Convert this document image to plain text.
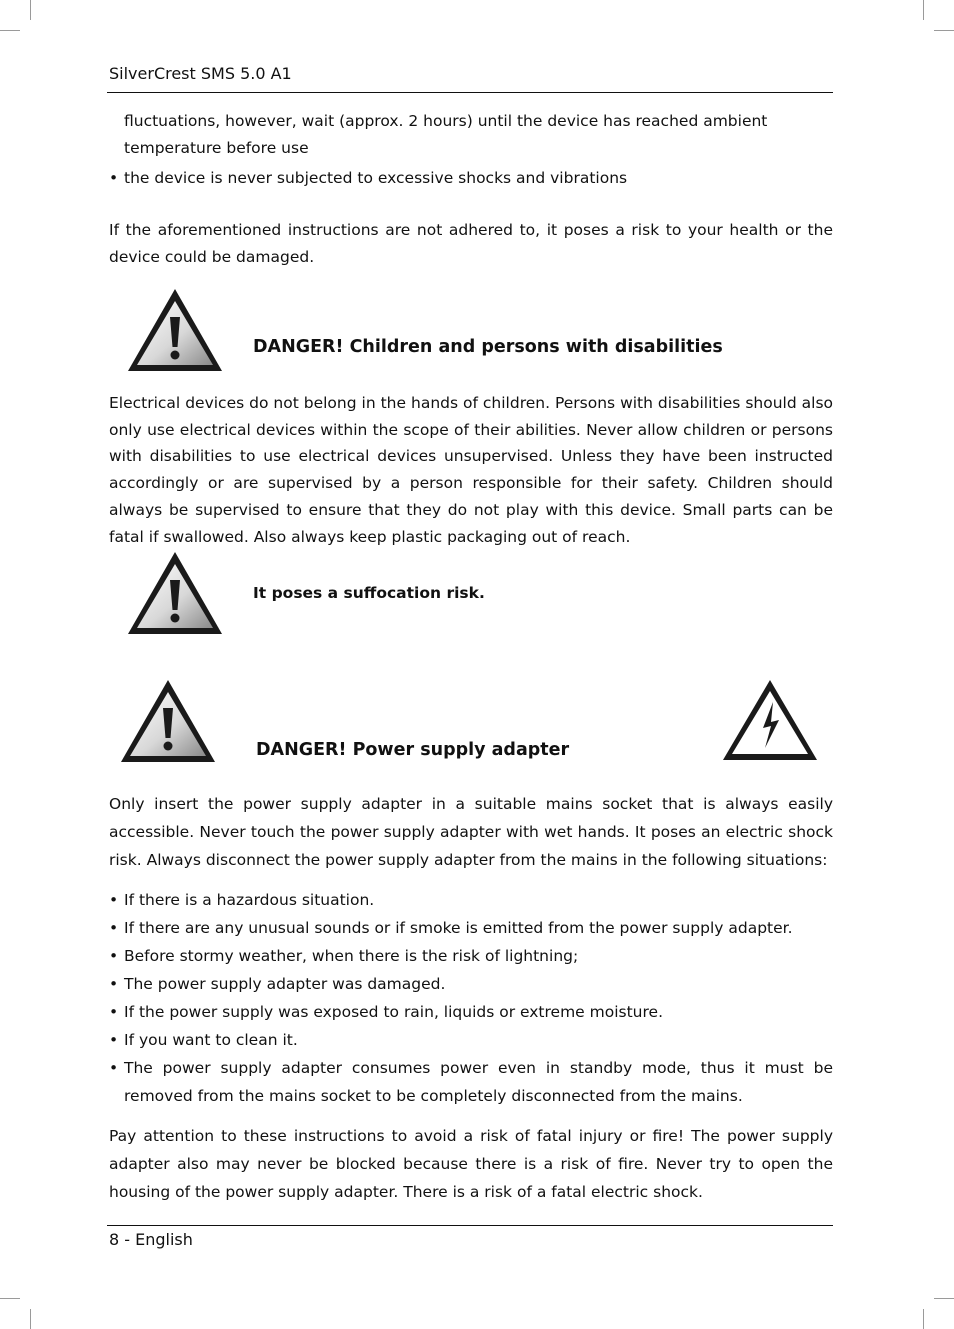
SilverCrest SMS 5.0 A1
fluctuations, however, wait (approx. 2 hours) until the device has reached ambient temperature before use
• the device is never subjected to excessive shocks and vibrations
If the aforementioned instructions are not adhered to, it poses a risk to your health or the device could be damaged.
DANGER! Children and persons with disabilities
Electrical devices do not belong in the hands of children. Persons with disabilities should also only use electrical devices within the scope of their abilities. Never allow children or persons with disabilities to use electrical devices unsupervised. Unless they have been instructed accordingly or are supervised by a person responsible for their safety. Children should always be supervised to ensure that they do not play with this device. Small parts can be fatal if swallowed. Also always keep plastic packaging out of reach.
It poses a suffocation risk.
DANGER! Power supply adapter
Only insert the power supply adapter in a suitable mains socket that is always easily accessible. Never touch the power supply adapter with wet hands. It poses an electric shock risk. Always disconnect the power supply adapter from the mains in the following situations:
• If there is a hazardous situation.
• If there are any unusual sounds or if smoke is emitted from the power supply adapter.
• Before stormy weather, when there is the risk of lightning;
• The power supply adapter was damaged.
• If the power supply was exposed to rain, liquids or extreme moisture.
• If you want to clean it.
• The power supply adapter consumes power even in standby mode, thus it must be removed from the mains socket to be completely disconnected from the mains.
Pay attention to these instructions to avoid a risk of fatal injury or fire! The power supply adapter also may never be blocked because there is a risk of fire. Never try to open the housing of the power supply adapter. There is a risk of a fatal electric shock.
8 - English
